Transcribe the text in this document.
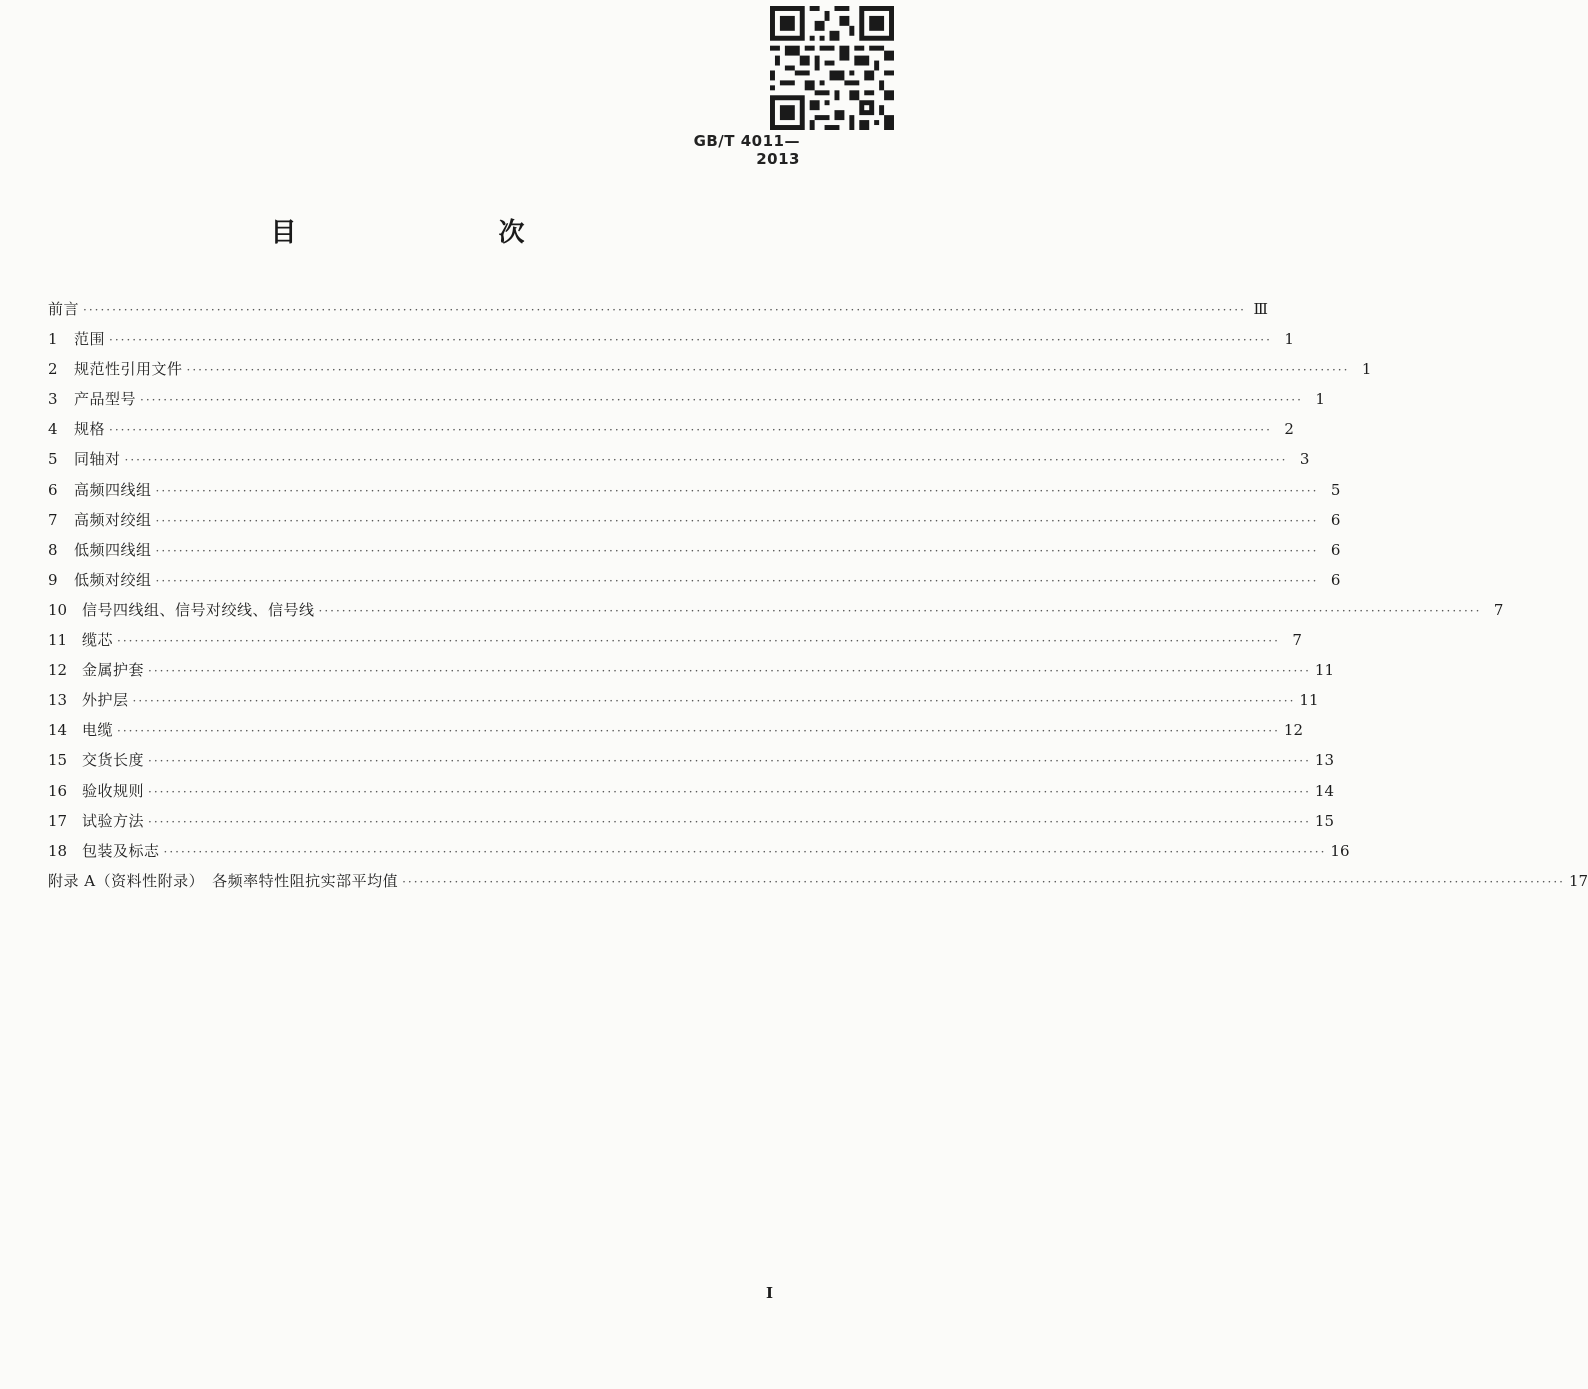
GB/T 4011—2013
目　　次
前言 ········································································································································································································ Ⅲ
1	范围 ········································································································································································································ 1
2	规范性引用文件 ········································································································································································································ 1
3	产品型号 ········································································································································································································ 1
4	规格 ········································································································································································································ 2
5	同轴对 ········································································································································································································ 3
6	高频四线组 ········································································································································································································ 5
7	高频对绞组 ········································································································································································································ 6
8	低频四线组 ········································································································································································································ 6
9	低频对绞组 ········································································································································································································ 6
10 信号四线组、信号对绞线、信号线 ········································································································································································································ 7
11 缆芯 ········································································································································································································ 7
12 金属护套 ········································································································································································································ 11
13 外护层 ········································································································································································································ 11
14 电缆 ········································································································································································································ 12
15 交货长度 ········································································································································································································ 13
16 验收规则 ········································································································································································································ 14
17 试验方法 ········································································································································································································ 15
18 包装及标志 ········································································································································································································ 16
附录 A（资料性附录）　各频率特性阻抗实部平均值 ········································································································································································································ 17
I
